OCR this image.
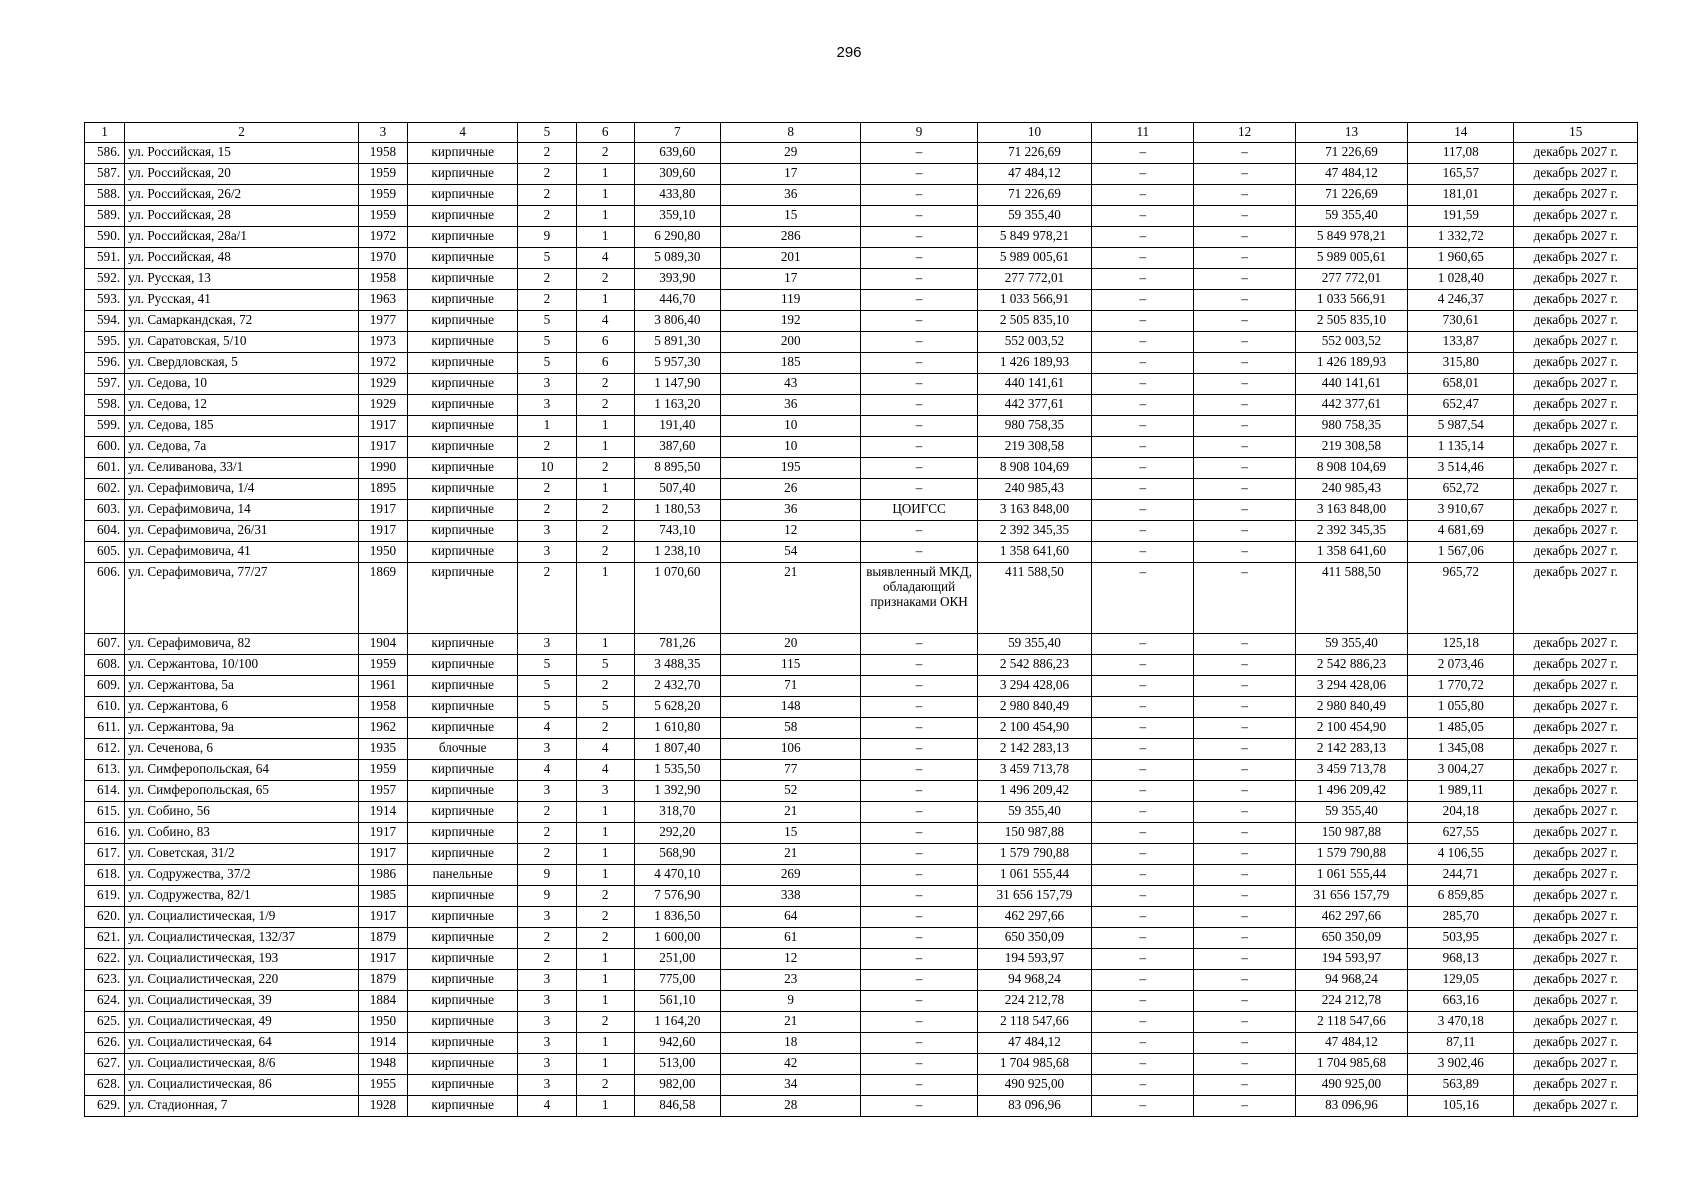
296
1	2	3	4	5	6	7	8	9	10	11	12	13	14	15
586.	ул. Российская, 15	1958	кирпичные	2	2	639,60	29	–	71 226,69	–	–	71 226,69	117,08	декабрь 2027 г.
587.	ул. Российская, 20	1959	кирпичные	2	1	309,60	17	–	47 484,12	–	–	47 484,12	165,57	декабрь 2027 г.
588.	ул. Российская, 26/2	1959	кирпичные	2	1	433,80	36	–	71 226,69	–	–	71 226,69	181,01	декабрь 2027 г.
589.	ул. Российская, 28	1959	кирпичные	2	1	359,10	15	–	59 355,40	–	–	59 355,40	191,59	декабрь 2027 г.
590.	ул. Российская, 28а/1	1972	кирпичные	9	1	6 290,80	286	–	5 849 978,21	–	–	5 849 978,21	1 332,72	декабрь 2027 г.
591.	ул. Российская, 48	1970	кирпичные	5	4	5 089,30	201	–	5 989 005,61	–	–	5 989 005,61	1 960,65	декабрь 2027 г.
592.	ул. Русская, 13	1958	кирпичные	2	2	393,90	17	–	277 772,01	–	–	277 772,01	1 028,40	декабрь 2027 г.
593.	ул. Русская, 41	1963	кирпичные	2	1	446,70	119	–	1 033 566,91	–	–	1 033 566,91	4 246,37	декабрь 2027 г.
594.	ул. Самаркандская, 72	1977	кирпичные	5	4	3 806,40	192	–	2 505 835,10	–	–	2 505 835,10	730,61	декабрь 2027 г.
595.	ул. Саратовская, 5/10	1973	кирпичные	5	6	5 891,30	200	–	552 003,52	–	–	552 003,52	133,87	декабрь 2027 г.
596.	ул. Свердловская, 5	1972	кирпичные	5	6	5 957,30	185	–	1 426 189,93	–	–	1 426 189,93	315,80	декабрь 2027 г.
597.	ул. Седова, 10	1929	кирпичные	3	2	1 147,90	43	–	440 141,61	–	–	440 141,61	658,01	декабрь 2027 г.
598.	ул. Седова, 12	1929	кирпичные	3	2	1 163,20	36	–	442 377,61	–	–	442 377,61	652,47	декабрь 2027 г.
599.	ул. Седова, 185	1917	кирпичные	1	1	191,40	10	–	980 758,35	–	–	980 758,35	5 987,54	декабрь 2027 г.
600.	ул. Седова, 7а	1917	кирпичные	2	1	387,60	10	–	219 308,58	–	–	219 308,58	1 135,14	декабрь 2027 г.
601.	ул. Селиванова, 33/1	1990	кирпичные	10	2	8 895,50	195	–	8 908 104,69	–	–	8 908 104,69	3 514,46	декабрь 2027 г.
602.	ул. Серафимовича, 1/4	1895	кирпичные	2	1	507,40	26	–	240 985,43	–	–	240 985,43	652,72	декабрь 2027 г.
603.	ул. Серафимовича, 14	1917	кирпичные	2	2	1 180,53	36	ЦОИГСС	3 163 848,00	–	–	3 163 848,00	3 910,67	декабрь 2027 г.
604.	ул. Серафимовича, 26/31	1917	кирпичные	3	2	743,10	12	–	2 392 345,35	–	–	2 392 345,35	4 681,69	декабрь 2027 г.
605.	ул. Серафимовича, 41	1950	кирпичные	3	2	1 238,10	54	–	1 358 641,60	–	–	1 358 641,60	1 567,06	декабрь 2027 г.
606.	ул. Серафимовича, 77/27	1869	кирпичные	2	1	1 070,60	21	выявленный МКД, обладающий признаками ОКН	411 588,50	–	–	411 588,50	965,72	декабрь 2027 г.
607.	ул. Серафимовича, 82	1904	кирпичные	3	1	781,26	20	–	59 355,40	–	–	59 355,40	125,18	декабрь 2027 г.
608.	ул. Сержантова, 10/100	1959	кирпичные	5	5	3 488,35	115	–	2 542 886,23	–	–	2 542 886,23	2 073,46	декабрь 2027 г.
609.	ул. Сержантова, 5а	1961	кирпичные	5	2	2 432,70	71	–	3 294 428,06	–	–	3 294 428,06	1 770,72	декабрь 2027 г.
610.	ул. Сержантова, 6	1958	кирпичные	5	5	5 628,20	148	–	2 980 840,49	–	–	2 980 840,49	1 055,80	декабрь 2027 г.
611.	ул. Сержантова, 9а	1962	кирпичные	4	2	1 610,80	58	–	2 100 454,90	–	–	2 100 454,90	1 485,05	декабрь 2027 г.
612.	ул. Сеченова, 6	1935	блочные	3	4	1 807,40	106	–	2 142 283,13	–	–	2 142 283,13	1 345,08	декабрь 2027 г.
613.	ул. Симферопольская, 64	1959	кирпичные	4	4	1 535,50	77	–	3 459 713,78	–	–	3 459 713,78	3 004,27	декабрь 2027 г.
614.	ул. Симферопольская, 65	1957	кирпичные	3	3	1 392,90	52	–	1 496 209,42	–	–	1 496 209,42	1 989,11	декабрь 2027 г.
615.	ул. Собино, 56	1914	кирпичные	2	1	318,70	21	–	59 355,40	–	–	59 355,40	204,18	декабрь 2027 г.
616.	ул. Собино, 83	1917	кирпичные	2	1	292,20	15	–	150 987,88	–	–	150 987,88	627,55	декабрь 2027 г.
617.	ул. Советская, 31/2	1917	кирпичные	2	1	568,90	21	–	1 579 790,88	–	–	1 579 790,88	4 106,55	декабрь 2027 г.
618.	ул. Содружества, 37/2	1986	панельные	9	1	4 470,10	269	–	1 061 555,44	–	–	1 061 555,44	244,71	декабрь 2027 г.
619.	ул. Содружества, 82/1	1985	кирпичные	9	2	7 576,90	338	–	31 656 157,79	–	–	31 656 157,79	6 859,85	декабрь 2027 г.
620.	ул. Социалистическая, 1/9	1917	кирпичные	3	2	1 836,50	64	–	462 297,66	–	–	462 297,66	285,70	декабрь 2027 г.
621.	ул. Социалистическая, 132/37	1879	кирпичные	2	2	1 600,00	61	–	650 350,09	–	–	650 350,09	503,95	декабрь 2027 г.
622.	ул. Социалистическая, 193	1917	кирпичные	2	1	251,00	12	–	194 593,97	–	–	194 593,97	968,13	декабрь 2027 г.
623.	ул. Социалистическая, 220	1879	кирпичные	3	1	775,00	23	–	94 968,24	–	–	94 968,24	129,05	декабрь 2027 г.
624.	ул. Социалистическая, 39	1884	кирпичные	3	1	561,10	9	–	224 212,78	–	–	224 212,78	663,16	декабрь 2027 г.
625.	ул. Социалистическая, 49	1950	кирпичные	3	2	1 164,20	21	–	2 118 547,66	–	–	2 118 547,66	3 470,18	декабрь 2027 г.
626.	ул. Социалистическая, 64	1914	кирпичные	3	1	942,60	18	–	47 484,12	–	–	47 484,12	87,11	декабрь 2027 г.
627.	ул. Социалистическая, 8/6	1948	кирпичные	3	1	513,00	42	–	1 704 985,68	–	–	1 704 985,68	3 902,46	декабрь 2027 г.
628.	ул. Социалистическая, 86	1955	кирпичные	3	2	982,00	34	–	490 925,00	–	–	490 925,00	563,89	декабрь 2027 г.
629.	ул. Стадионная, 7	1928	кирпичные	4	1	846,58	28	–	83 096,96	–	–	83 096,96	105,16	декабрь 2027 г.
